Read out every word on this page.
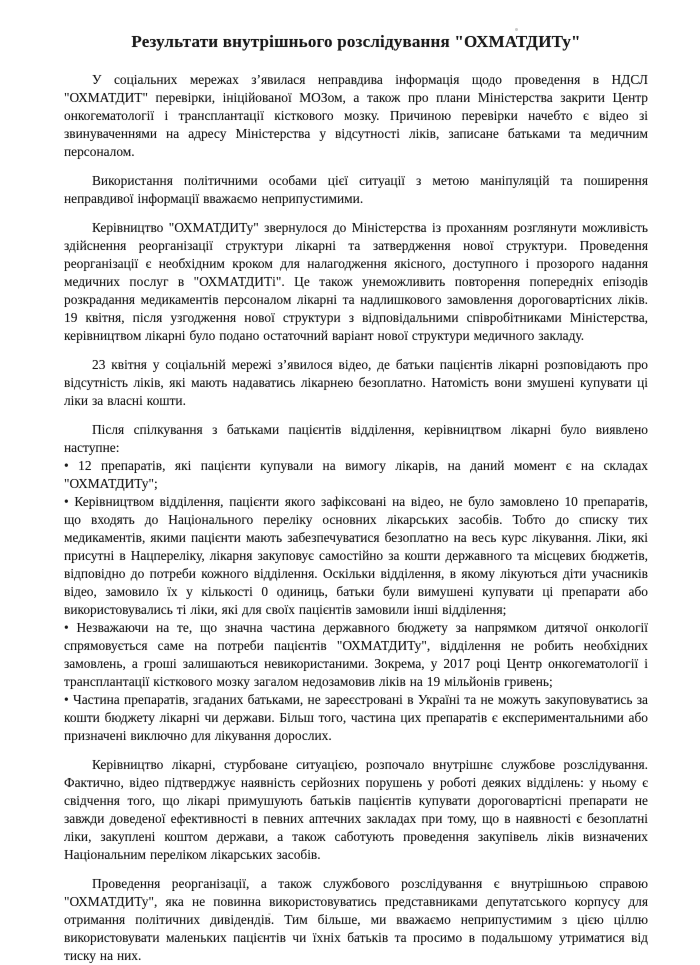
Результати внутрішнього розслідування "ОХМАТДИТу"

У соціальних мережах з’явилася неправдива інформація щодо проведення в НДСЛ "ОХМАТДИТ" перевірки, ініційованої МОЗом, а також про плани Міністерства закрити Центр онкогематології і трансплантації кісткового мозку. Причиною перевірки начебто є відео зі звинуваченнями на адресу Міністерства у відсутності ліків, записане батьками та медичним персоналом.

Використання політичними особами цієї ситуації з метою маніпуляцій та поширення неправдивої інформації вважаємо неприпустимими.

Керівництво "ОХМАТДИТу" звернулося до Міністерства із проханням розглянути можливість здійснення реорганізації структури лікарні та затвердження нової структури. Проведення реорганізації є необхідним кроком для налагодження якісного, доступного і прозорого надання медичних послуг в "ОХМАТДИТі". Це також унеможливить повторення попередніх епізодів розкрадання медикаментів персоналом лікарні та надлишкового замовлення дороговартісних ліків. 19 квітня, після узгодження нової структури з відповідальними співробітниками Міністерства, керівництвом лікарні було подано остаточний варіант нової структури медичного закладу.

23 квітня у соціальній мережі з’явилося відео, де батьки пацієнтів лікарні розповідають про відсутність ліків, які мають надаватись лікарнею безоплатно. Натомість вони змушені купувати ці ліки за власні кошти.

Після спілкування з батьками пацієнтів відділення, керівництвом лікарні було виявлено наступне:

• 12 препаратів, які пацієнти купували на вимогу лікарів, на даний момент є на складах "ОХМАТДИТу";

• Керівництвом відділення, пацієнти якого зафіксовані на відео, не було замовлено 10 препаратів, що входять до Національного переліку основних лікарських засобів. Тобто до списку тих медикаментів, якими пацієнти мають забезпечуватися безоплатно на весь курс лікування. Ліки, які присутні в Нацпереліку, лікарня закуповує самостійно за кошти державного та місцевих бюджетів, відповідно до потреби кожного відділення. Оскільки відділення, в якому лікуються діти учасників відео, замовило їх у кількості 0 одиниць, батьки були вимушені купувати ці препарати або використовувались ті ліки, які для своїх пацієнтів замовили інші відділення;

• Незважаючи на те, що значна частина державного бюджету за напрямком дитячої онкології спрямовується саме на потреби пацієнтів "ОХМАТДИТу", відділення не робить необхідних замовлень, а гроші залишаються невикористаними. Зокрема, у 2017 році Центр онкогематології і трансплантації кісткового мозку загалом недозамовив ліків на 19 мільйонів гривень;

• Частина препаратів, згаданих батьками, не зареєстровані в Україні та не можуть закуповуватись за кошти бюджету лікарні чи держави. Більш того, частина цих препаратів є експериментальними або призначені виключно для лікування дорослих.

Керівництво лікарні, стурбоване ситуацією, розпочало внутрішнє службове розслідування. Фактично, відео підтверджує наявність серйозних порушень у роботі деяких відділень: у ньому є свідчення того, що лікарі примушують батьків пацієнтів купувати дороговартісні препарати не завжди доведеної ефективності в певних аптечних закладах при тому, що в наявності є безоплатні ліки, закуплені коштом держави, а також саботують проведення закупівель ліків визначених Національним переліком лікарських засобів.

Проведення реорганізації, а також службового розслідування є внутрішньою справою "ОХМАТДИТу", яка не повинна використовуватись представниками депутатського корпусу для отримання політичних дивідендів. Тим більше, ми вважаємо неприпустимим з цією ціллю використовувати маленьких пацієнтів чи їхніх батьків та просимо в подальшому утриматися від тиску на них.
